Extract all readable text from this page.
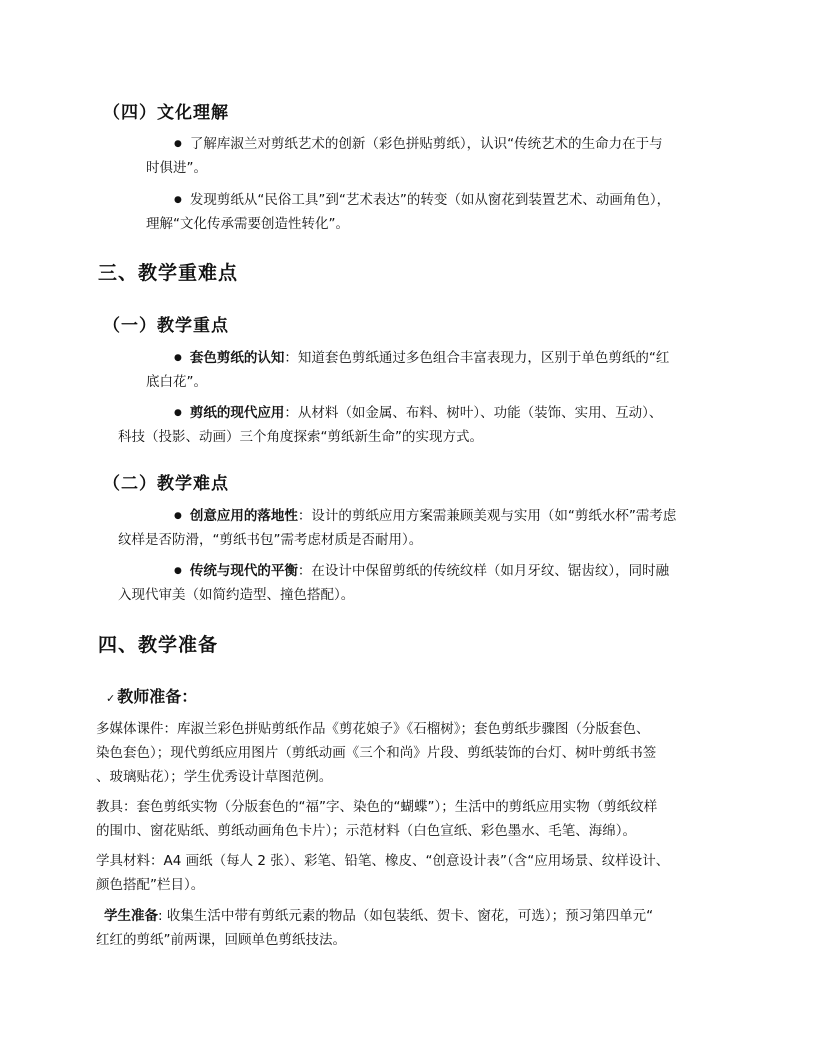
（四）文化理解
● 了解库淑兰对剪纸艺术的创新（彩色拼贴剪纸），认识“传统艺术的生命力在于与
时俱进”。
● 发现剪纸从“民俗工具”到“艺术表达”的转变（如从窗花到装置艺术、动画角色），
理解“文化传承需要创造性转化”。
三、教学重难点
（一）教学重点
● 套色剪纸的认知：知道套色剪纸通过多色组合丰富表现力，区别于单色剪纸的“红
底白花”。
● 剪纸的现代应用：从材料（如金属、布料、树叶）、功能（装饰、实用、互动）、
科技（投影、动画）三个角度探索“剪纸新生命”的实现方式。
（二）教学难点
● 创意应用的落地性：设计的剪纸应用方案需兼顾美观与实用（如“剪纸水杯”需考虑
纹样是否防滑，“剪纸书包”需考虑材质是否耐用）。
● 传统与现代的平衡：在设计中保留剪纸的传统纹样（如月牙纹、锯齿纹），同时融
入现代审美（如简约造型、撞色搭配）。
四、教学准备
✓ 教师准备：
多媒体课件：库淑兰彩色拼贴剪纸作品《剪花娘子》《石榴树》；套色剪纸步骤图（分版套色、
染色套色）；现代剪纸应用图片（剪纸动画《三个和尚》片段、剪纸装饰的台灯、树叶剪纸书签
、玻璃贴花）；学生优秀设计草图范例。
教具：套色剪纸实物（分版套色的“福”字、染色的“蝴蝶”）；生活中的剪纸应用实物（剪纸纹样
的围巾、窗花贴纸、剪纸动画角色卡片）；示范材料（白色宣纸、彩色墨水、毛笔、海绵）。
学具材料：A4 画纸（每人 2 张）、彩笔、铅笔、橡皮、“创意设计表”（含“应用场景、纹样设计、
颜色搭配”栏目）。
学生准备: 收集生活中带有剪纸元素的物品（如包装纸、贺卡、窗花，可选）；预习第四单元“
红红的剪纸”前两课，回顾单色剪纸技法。
